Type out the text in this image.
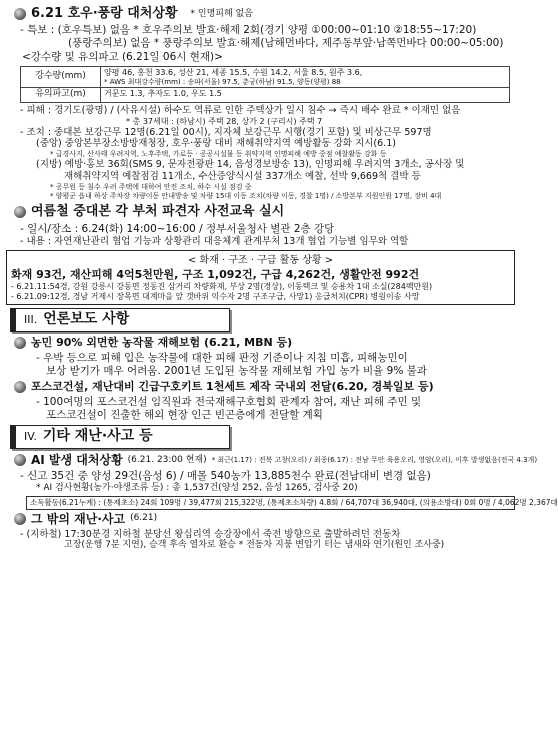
6.21 호우·풍랑 대처상황 * 인명피해 없음
- 특보 : (호우특보) 없음 * 호우주의보 발효·해제 2회(경기 양평 ①00:00~01:10 ②18:55~17:20)
(풍랑주의보) 없음 * 풍랑주의보 발효·해제(남해먼바다, 제주동부앞·남쪽먼바다 00:00~05:00)
<강수량 및 유의파고 (6.21일 06시 현재)>
강수량(mm)	양평 46, 홍천 33.6, 성산 21, 세종 15.5, 수원 14.2, 서울 8.5, 원주 3.6,
* AWS 최대강수량(mm) : 송파(서울) 97.5, 춘궁(하남) 91.5, 양동(양평) 88

유의파고(m)	거문도 1.3, 추자도 1.0, 우도 1.5
- 피해 : 경기도(광명) / (사유시설) 하수도 역류로 인한 주택상가 일시 침수 → 즉시 배수 완료 * 이재민 없음
* 총 37세대 : (하남시) 주택 28, 상가 2 (구리시) 주택 7
- 조치 : 중대본 보강근무 12명(6.21일 00시), 지자체 보강근무 시행(경기 포함) 및 비상근무 597명
(중앙) 중앙본부장소방방재청장, 호우·풍랑 대비 재해취약지역 예방활동 강화 지시(6.1)
* 급경사지, 산사태 우려지역, 노후주택, 가로등 · 공공시설물 등 취약지역 인명피해 예방 중점 예찰활동 강화 등
(지방) 예방·홍보 36회(SMS 9, 문자전광판 14, 음성경보방송 13), 인명피해 우려지역 3개소, 공사장 및
재해취약지역 예찰점검 11개소, 수산증양식시설 337개소 예찰, 선박 9,669척 결박 등
* 공무원 등 침수 우려 주택에 대하여 안전 조치, 하수 시설 점검 중
* 양평군 읍내 하상 주차장 차량이동 안내방송 및 차량 15대 이동 조치(차량 이동, 경찰 1명) / 소방본부 지원인원 17명, 장비 4대
여름철 중대본 각 부처 파견자 사전교육 실시
- 일시/장소 : 6.24(화) 14:00~16:00 / 정부서울청사 별관 2층 강당
- 내용 : 자연재난관리 협업 기능과 상황관리 대응체계 관계부처 13개 협업 기능별 임무와 역할
< 화재 · 구조 · 구급 활동 상황 >
화재 93건, 재산피해 4억5천만원, 구조 1,092건, 구급 4,262건, 생활안전 992건
- 6.21.11:54경, 강원 강릉시 강동면 정동진 삼거리 차량화재, 부상 2명(경상), 이동택크 및 승용차 1대 소실(284백만원)
- 6.21.09:12경, 경남 거제시 장목면 대계마을 앞 갯바위 익수자 2명 구조구급, 사망1) 응급처치(CPR) 병원이송 사망
III. 언론보도 사항
농민 90% 외면한 농작물 재해보험 (6.21, MBN 등)
- 우박 등으로 피해 입은 농작물에 대한 피해 판정 기준이나 지침 미흡, 피해농민이
보상 받기가 매우 어려움. 2001년 도입된 농작물 재해보험 가입 농가 비율 9% 불과
포스코건설, 재난대비 긴급구호키트 1천세트 제작 국내외 전달(6.20, 경북일보 등)
- 100여명의 포스코건설 임직원과 전국재해구호협회 관계자 참여, 재난 피해 주민 및
포스코건설이 진출한 해외 현장 인근 빈곤층에게 전달할 계획
IV. 기타 재난·사고 등
AI 발생 대처상황 (6.21. 23:00 현재) * 최근(1.17) : 전북 고창(오리) / 최종(6.17) : 전남 무안 육용오리, 영암(오리), 이후 발생없음(전국 4.3개)
- 신고 35건 중 양성 29건(음성 6) / 매몰 540농가 13,885천수 완료(전남대비 변경 없음)
* AI 검사현황(농가·야생조류 등) : 총 1,537건(양성 252, 음성 1265, 검사중 20)
소독활동(6.21누계) : (통제초소) 24회 109명 / 39,477회 215,322명, (통제초소차량) 4.8회 / 64,707대 36,940대, (의용소방대) 0회 0명 / 4,062명 2,367대
그 밖의 재난·사고 (6.21)
- (지하철) 17:30분경 지하철 분당선 왕십리역 승강장에서 죽전 방향으로 출발하려던 전동차
고장(운행 7분 지연), 승객 후속 열차로 환승 * 전동차 지붕 변압기 터는 냄새와 연기(원인 조사중)
